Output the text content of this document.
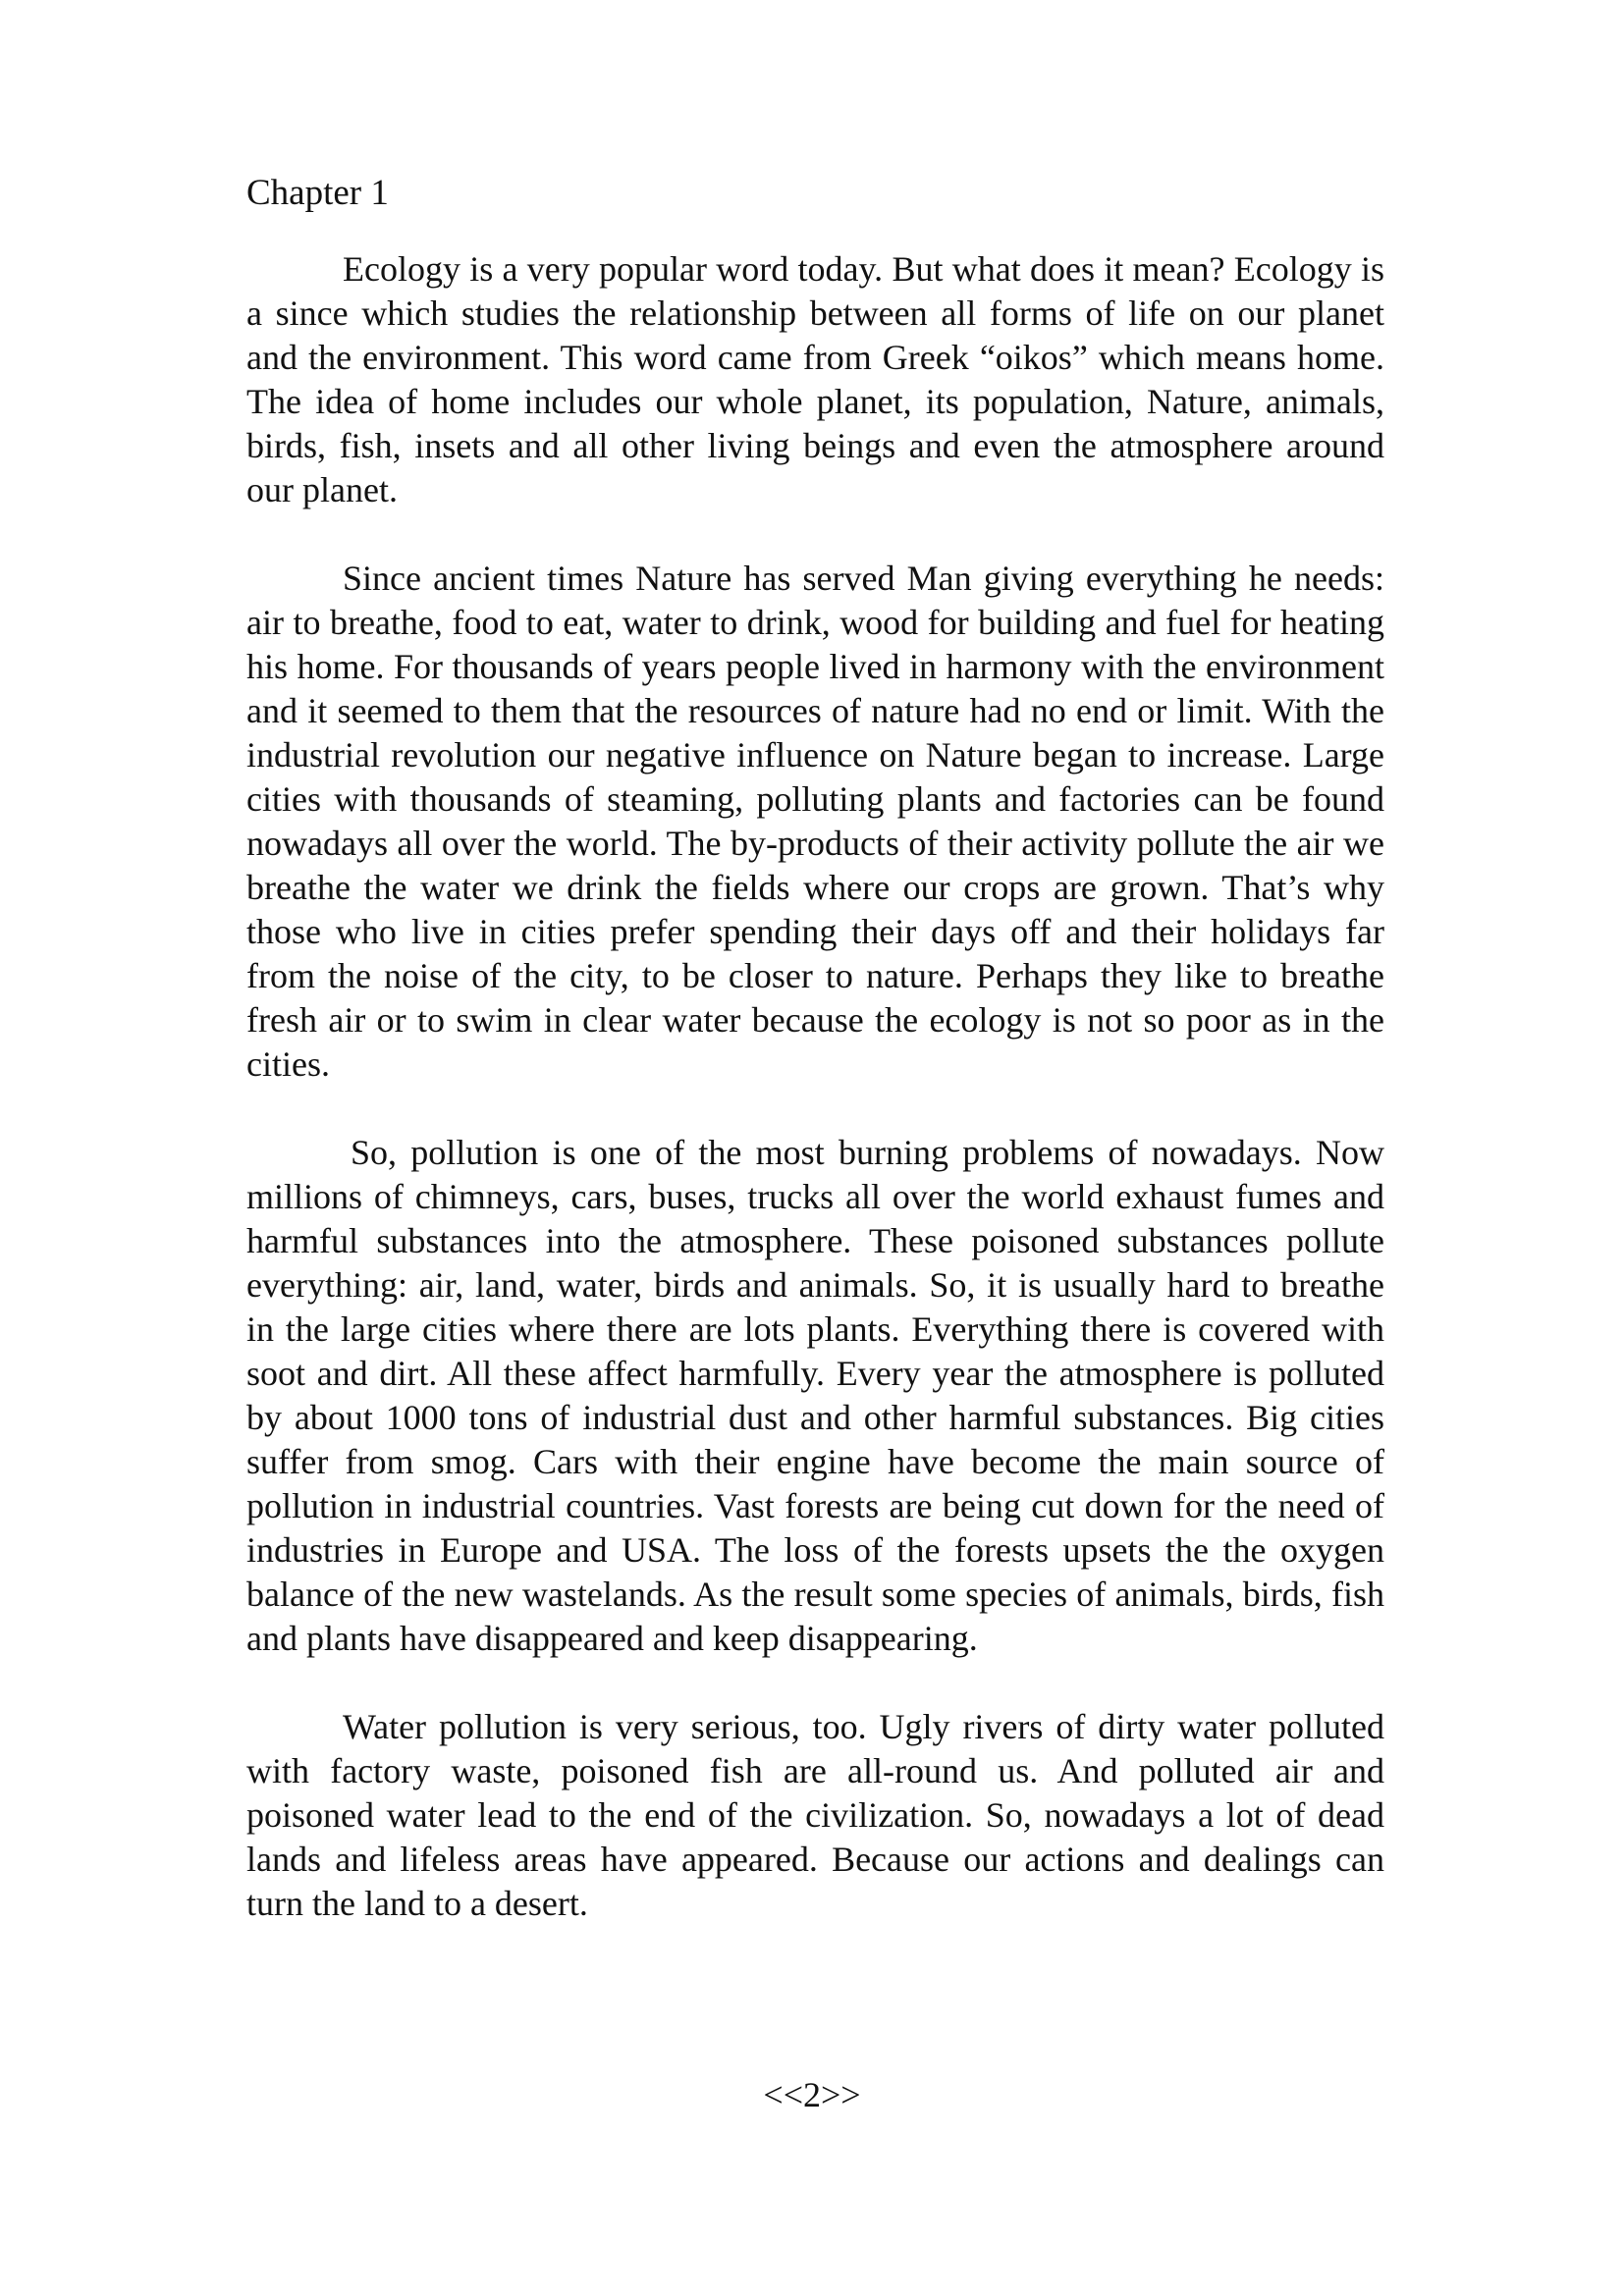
Chapter 1

Ecology is a very popular word today. But what does it mean? Ecology is a since which studies the relationship between all forms of life on our planet and the environment. This word came from Greek “oikos” which means home. The idea of home includes our whole planet, its population, Nature, animals, birds, fish, insets and all other living beings and even the atmosphere around our planet.

Since ancient times Nature has served Man giving everything he needs: air to breathe, food to eat, water to drink, wood for building and fuel for heating his home. For thousands of years people lived in harmony with the environment and it seemed to them that the resources of nature had no end or limit. With the industrial revolution our negative influence on Nature began to increase. Large cities with thousands of steaming, polluting plants and factories can be found nowadays all over the world. The by-products of their activity pollute the air we breathe the water we drink the fields where our crops are grown. That’s why those who live in cities prefer spending their days off and their holidays far from the noise of the city, to be closer to nature. Perhaps they like to breathe fresh air or to swim in clear water because the ecology is not so poor as in the cities.

So, pollution is one of the most burning problems of nowadays. Now millions of chimneys, cars, buses, trucks all over the world exhaust fumes and harmful substances into the atmosphere. These poisoned substances pollute everything: air, land, water, birds and animals. So, it is usually hard to breathe in the large cities where there are lots plants. Everything there is covered with soot and dirt. All these affect harmfully. Every year the atmosphere is polluted by about 1000 tons of industrial dust and other harmful substances. Big cities suffer from smog. Cars with their engine have become the main source of pollution in industrial countries. Vast forests are being cut down for the need of industries in Europe and USA. The loss of the forests upsets the the oxygen balance of the new wastelands. As the result some species of animals, birds, fish and plants have disappeared and keep disappearing.

Water pollution is very serious, too. Ugly rivers of dirty water polluted with factory waste, poisoned fish are all-round us. And polluted air and poisoned water lead to the end of the civilization. So, nowadays a lot of dead lands and lifeless areas have appeared. Because our actions and dealings can turn the land to a desert.

<<2>>
